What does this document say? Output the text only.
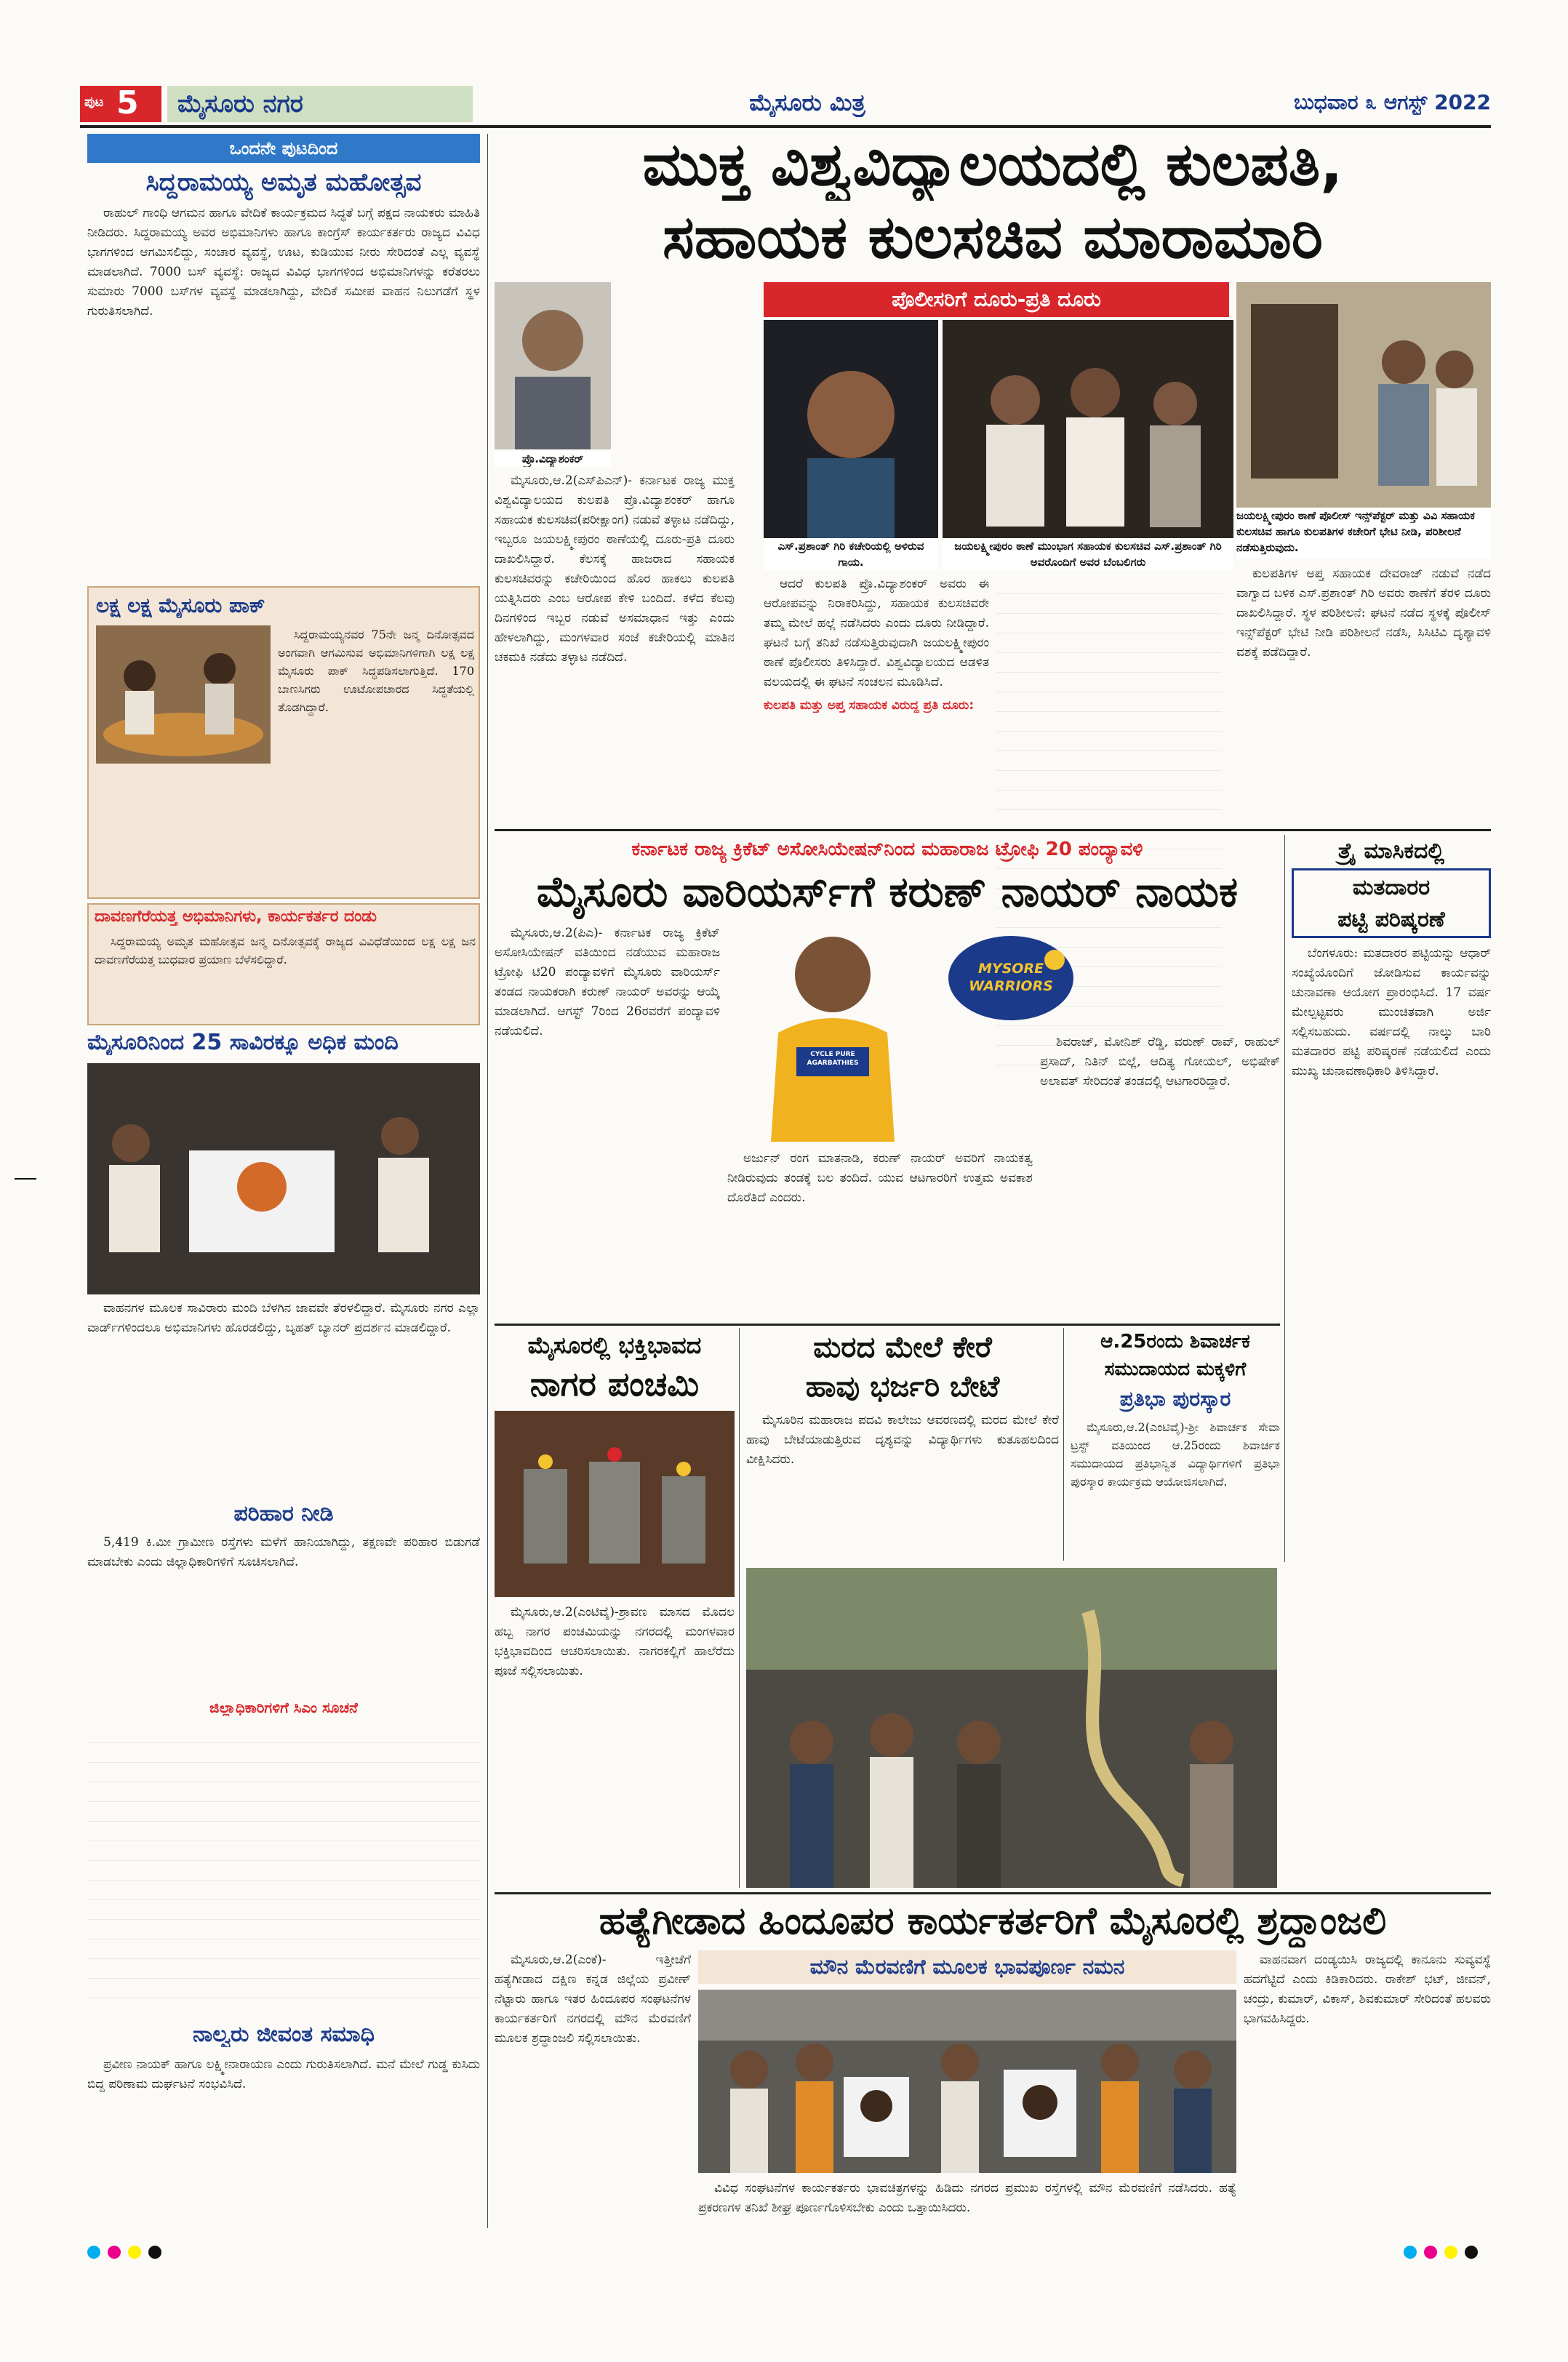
ಪುಟ 5	ಮೈಸೂರು ನಗರ	ಮೈಸೂರು ಮಿತ್ರ	ಬುಧವಾರ ೩ ಆಗಸ್ಟ್ 2022
ಒಂದನೇ ಪುಟದಿಂದ
ಸಿದ್ದರಾಮಯ್ಯ ಅಮೃತ ಮಹೋತ್ಸವ

ರಾಹುಲ್ ಗಾಂಧಿ ಆಗಮನ ಹಾಗೂ ವೇದಿಕೆ ಕಾರ್ಯಕ್ರಮದ ಸಿದ್ಧತೆ ಬಗ್ಗೆ ಪಕ್ಷದ ನಾಯಕರು ಮಾಹಿತಿ ನೀಡಿದರು. ಸಿದ್ದರಾಮಯ್ಯ ಅವರ ಅಭಿಮಾನಿಗಳು ಹಾಗೂ ಕಾಂಗ್ರೆಸ್ ಕಾರ್ಯಕರ್ತರು ರಾಜ್ಯದ ವಿವಿಧ ಭಾಗಗಳಿಂದ ಆಗಮಿಸಲಿದ್ದು, ಸಂಚಾರ ವ್ಯವಸ್ಥೆ, ಊಟ, ಕುಡಿಯುವ ನೀರು ಸೇರಿದಂತೆ ಎಲ್ಲ ವ್ಯವಸ್ಥೆ ಮಾಡಲಾಗಿದೆ. 7000 ಬಸ್ ವ್ಯವಸ್ಥೆ: ರಾಜ್ಯದ ವಿವಿಧ ಭಾಗಗಳಿಂದ ಅಭಿಮಾನಿಗಳನ್ನು ಕರೆತರಲು ಸುಮಾರು 7000 ಬಸ್‌ಗಳ ವ್ಯವಸ್ಥೆ ಮಾಡಲಾಗಿದ್ದು, ವೇದಿಕೆ ಸಮೀಪ ವಾಹನ ನಿಲುಗಡೆಗೆ ಸ್ಥಳ ಗುರುತಿಸಲಾಗಿದೆ.

ಲಕ್ಷ ಲಕ್ಷ ಮೈಸೂರು ಪಾಕ್

ಸಿದ್ದರಾಮಯ್ಯನವರ 75ನೇ ಜನ್ಮ ದಿನೋತ್ಸವದ ಅಂಗವಾಗಿ ಆಗಮಿಸುವ ಅಭಿಮಾನಿಗಳಿಗಾಗಿ ಲಕ್ಷ ಲಕ್ಷ ಮೈಸೂರು ಪಾಕ್ ಸಿದ್ಧಪಡಿಸಲಾಗುತ್ತಿದೆ. 170 ಬಾಣಸಿಗರು ಊಟೋಪಚಾರದ ಸಿದ್ಧತೆಯಲ್ಲಿ ತೊಡಗಿದ್ದಾರೆ.

ದಾವಣಗೆರೆಯತ್ತ ಅಭಿಮಾನಿಗಳು, ಕಾರ್ಯಕರ್ತರ ದಂಡು

ಸಿದ್ದರಾಮಯ್ಯ ಅಮೃತ ಮಹೋತ್ಸವ ಜನ್ಮ ದಿನೋತ್ಸವಕ್ಕೆ ರಾಜ್ಯದ ವಿವಿಧೆಡೆಯಿಂದ ಲಕ್ಷ ಲಕ್ಷ ಜನ ದಾವಣಗೆರೆಯತ್ತ ಬುಧವಾರ ಪ್ರಯಾಣ ಬೆಳೆಸಲಿದ್ದಾರೆ.

ಮೈಸೂರಿನಿಂದ 25 ಸಾವಿರಕ್ಕೂ ಅಧಿಕ ಮಂದಿ

ವಾಹನಗಳ ಮೂಲಕ ಸಾವಿರಾರು ಮಂದಿ ಬೆಳಗಿನ ಜಾವವೇ ತೆರಳಲಿದ್ದಾರೆ. ಮೈಸೂರು ನಗರ ಎಲ್ಲಾ ವಾರ್ಡ್‌ಗಳಿಂದಲೂ ಅಭಿಮಾನಿಗಳು ಹೊರಡಲಿದ್ದು, ಬೃಹತ್ ಬ್ಯಾನರ್ ಪ್ರದರ್ಶನ ಮಾಡಲಿದ್ದಾರೆ.

ಪರಿಹಾರ ನೀಡಿ

5,419 ಕಿ.ಮೀ ಗ್ರಾಮೀಣ ರಸ್ತೆಗಳು ಮಳೆಗೆ ಹಾನಿಯಾಗಿದ್ದು, ತಕ್ಷಣವೇ ಪರಿಹಾರ ಬಿಡುಗಡೆ ಮಾಡಬೇಕು ಎಂದು ಜಿಲ್ಲಾಧಿಕಾರಿಗಳಿಗೆ ಸೂಚಿಸಲಾಗಿದೆ.

ಜಿಲ್ಲಾಧಿಕಾರಿಗಳಿಗೆ ಸಿಎಂ ಸೂಚನೆ
ನಾಲ್ವರು ಜೀವಂತ ಸಮಾಧಿ

ಪ್ರವೀಣ ನಾಯಕ್ ಹಾಗೂ ಲಕ್ಷ್ಮೀನಾರಾಯಣ ಎಂದು ಗುರುತಿಸಲಾಗಿದೆ. ಮನೆ ಮೇಲೆ ಗುಡ್ಡ ಕುಸಿದು ಬಿದ್ದ ಪರಿಣಾಮ ದುರ್ಘಟನೆ ಸಂಭವಿಸಿದೆ.

ಮುಕ್ತ ವಿಶ್ವವಿದ್ಯಾಲಯದಲ್ಲಿ ಕುಲಪತಿ,
ಸಹಾಯಕ ಕುಲಸಚಿವ ಮಾರಾಮಾರಿ
ಪೊಲೀಸರಿಗೆ ದೂರು-ಪ್ರತಿ ದೂರು
ಪ್ರೊ.ವಿದ್ಯಾಶಂಕರ್

ಮೈಸೂರು,ಆ.2(ಎಸ್‌ಪಿಎನ್)- ಕರ್ನಾಟಕ ರಾಜ್ಯ ಮುಕ್ತ ವಿಶ್ವವಿದ್ಯಾಲಯದ ಕುಲಪತಿ ಪ್ರೊ.ವಿದ್ಯಾಶಂಕರ್ ಹಾಗೂ ಸಹಾಯಕ ಕುಲಸಚಿವ(ಪರೀಕ್ಷಾಂಗ) ನಡುವೆ ತಳ್ಳಾಟ ನಡೆದಿದ್ದು, ಇಬ್ಬರೂ ಜಯಲಕ್ಷ್ಮೀಪುರಂ ಠಾಣೆಯಲ್ಲಿ ದೂರು-ಪ್ರತಿ ದೂರು ದಾಖಲಿಸಿದ್ದಾರೆ. ಕೆಲಸಕ್ಕೆ ಹಾಜರಾದ ಸಹಾಯಕ ಕುಲಸಚಿವರನ್ನು ಕಚೇರಿಯಿಂದ ಹೊರ ಹಾಕಲು ಕುಲಪತಿ ಯತ್ನಿಸಿದರು ಎಂಬ ಆರೋಪ ಕೇಳಿ ಬಂದಿದೆ. ಕಳೆದ ಕೆಲವು ದಿನಗಳಿಂದ ಇಬ್ಬರ ನಡುವೆ ಅಸಮಾಧಾನ ಇತ್ತು ಎಂದು ಹೇಳಲಾಗಿದ್ದು, ಮಂಗಳವಾರ ಸಂಜೆ ಕಚೇರಿಯಲ್ಲಿ ಮಾತಿನ ಚಕಮಕಿ ನಡೆದು ತಳ್ಳಾಟ ನಡೆದಿದೆ.

ಎಸ್.ಪ್ರಶಾಂತ್ ಗಿರಿ ಕಚೇರಿಯಲ್ಲಿ ಅಳಿರುವ ಗಾಯ.
ಜಯಲಕ್ಷ್ಮೀಪುರಂ ಠಾಣೆ ಮುಂಭಾಗ ಸಹಾಯಕ ಕುಲಸಚಿವ ಎಸ್.ಪ್ರಶಾಂತ್ ಗಿರಿ ಅವರೊಂದಿಗೆ ಅವರ ಬೆಂಬಲಿಗರು
ಜಯಲಕ್ಷ್ಮೀಪುರಂ ಠಾಣೆ ಪೊಲೀಸ್ ಇನ್ಸ್‌ಪೆಕ್ಟರ್ ಮತ್ತು ವಿವಿ ಸಹಾಯಕ ಕುಲಸಚಿವ ಹಾಗೂ ಕುಲಪತಿಗಳ ಕಚೇರಿಗೆ ಭೇಟಿ ನೀಡಿ, ಪರಿಶೀಲನೆ ನಡೆಸುತ್ತಿರುವುದು.

ಆದರೆ ಕುಲಪತಿ ಪ್ರೊ.ವಿದ್ಯಾಶಂಕರ್ ಅವರು ಈ ಆರೋಪವನ್ನು ನಿರಾಕರಿಸಿದ್ದು, ಸಹಾಯಕ ಕುಲಸಚಿವರೇ ತಮ್ಮ ಮೇಲೆ ಹಲ್ಲೆ ನಡೆಸಿದರು ಎಂದು ದೂರು ನೀಡಿದ್ದಾರೆ. ಘಟನೆ ಬಗ್ಗೆ ತನಿಖೆ ನಡೆಸುತ್ತಿರುವುದಾಗಿ ಜಯಲಕ್ಷ್ಮೀಪುರಂ ಠಾಣೆ ಪೊಲೀಸರು ತಿಳಿಸಿದ್ದಾರೆ. ವಿಶ್ವವಿದ್ಯಾಲಯದ ಆಡಳಿತ ವಲಯದಲ್ಲಿ ಈ ಘಟನೆ ಸಂಚಲನ ಮೂಡಿಸಿದೆ.

ಕುಲಪತಿ ಮತ್ತು ಅಪ್ತ ಸಹಾಯಕ ವಿರುದ್ಧ ಪ್ರತಿ ದೂರು:

ಕುಲಪತಿಗಳ ಅಪ್ತ ಸಹಾಯಕ ದೇವರಾಜ್ ನಡುವೆ ನಡೆದ ವಾಗ್ವಾದ ಬಳಿಕ ಎಸ್.ಪ್ರಶಾಂತ್ ಗಿರಿ ಅವರು ಠಾಣೆಗೆ ತೆರಳಿ ದೂರು ದಾಖಲಿಸಿದ್ದಾರೆ. ಸ್ಥಳ ಪರಿಶೀಲನೆ: ಘಟನೆ ನಡೆದ ಸ್ಥಳಕ್ಕೆ ಪೊಲೀಸ್ ಇನ್ಸ್‌ಪೆಕ್ಟರ್ ಭೇಟಿ ನೀಡಿ ಪರಿಶೀಲನೆ ನಡೆಸಿ, ಸಿಸಿಟಿವಿ ದೃಶ್ಯಾವಳಿ ವಶಕ್ಕೆ ಪಡೆದಿದ್ದಾರೆ.

ಕರ್ನಾಟಕ ರಾಜ್ಯ ಕ್ರಿಕೆಟ್ ಅಸೋಸಿಯೇಷನ್‌ನಿಂದ ಮಹಾರಾಜ ಟ್ರೋಫಿ 20 ಪಂದ್ಯಾವಳಿ
ಮೈಸೂರು ವಾರಿಯರ್ಸ್‌ಗೆ ಕರುಣ್ ನಾಯರ್ ನಾಯಕ
CYCLE PURE AGARBATHIES
MYSORE WARRIORS

ಮೈಸೂರು,ಆ.2(ಪಿಎ)- ಕರ್ನಾಟಕ ರಾಜ್ಯ ಕ್ರಿಕೆಟ್ ಅಸೋಸಿಯೇಷನ್ ವತಿಯಿಂದ ನಡೆಯುವ ಮಹಾರಾಜ ಟ್ರೋಫಿ ಟಿ20 ಪಂದ್ಯಾವಳಿಗೆ ಮೈಸೂರು ವಾರಿಯರ್ಸ್ ತಂಡದ ನಾಯಕರಾಗಿ ಕರುಣ್ ನಾಯರ್ ಅವರನ್ನು ಆಯ್ಕೆ ಮಾಡಲಾಗಿದೆ. ಆಗಸ್ಟ್ 7ರಿಂದ 26ರವರೆಗೆ ಪಂದ್ಯಾವಳಿ ನಡೆಯಲಿದೆ.

ಅರ್ಜುನ್ ರಂಗ ಮಾತನಾಡಿ, ಕರುಣ್ ನಾಯರ್ ಅವರಿಗೆ ನಾಯಕತ್ವ ನೀಡಿರುವುದು ತಂಡಕ್ಕೆ ಬಲ ತಂದಿದೆ. ಯುವ ಆಟಗಾರರಿಗೆ ಉತ್ತಮ ಅವಕಾಶ ದೊರೆತಿದೆ ಎಂದರು.

ಶಿವರಾಜ್, ಮೋನಿಶ್ ರೆಡ್ಡಿ, ವರುಣ್ ರಾವ್, ರಾಹುಲ್ ಪ್ರಸಾದ್, ನಿತಿನ್ ಬಿಲ್ಲೆ, ಆದಿತ್ಯ ಗೋಯಲ್, ಅಭಿಷೇಕ್ ಅಲಾವತ್ ಸೇರಿದಂತೆ ತಂಡದಲ್ಲಿ ಆಟಗಾರರಿದ್ದಾರೆ.

ತ್ರೈ ಮಾಸಿಕದಲ್ಲಿ
ಮತದಾರರ
ಪಟ್ಟಿ ಪರಿಷ್ಕರಣೆ

ಬೆಂಗಳೂರು: ಮತದಾರರ ಪಟ್ಟಿಯನ್ನು ಆಧಾರ್ ಸಂಖ್ಯೆಯೊಂದಿಗೆ ಜೋಡಿಸುವ ಕಾರ್ಯವನ್ನು ಚುನಾವಣಾ ಆಯೋಗ ಪ್ರಾರಂಭಿಸಿದೆ. 17 ವರ್ಷ ಮೇಲ್ಪಟ್ಟವರು ಮುಂಚಿತವಾಗಿ ಅರ್ಜಿ ಸಲ್ಲಿಸಬಹುದು. ವರ್ಷದಲ್ಲಿ ನಾಲ್ಕು ಬಾರಿ ಮತದಾರರ ಪಟ್ಟಿ ಪರಿಷ್ಕರಣೆ ನಡೆಯಲಿದೆ ಎಂದು ಮುಖ್ಯ ಚುನಾವಣಾಧಿಕಾರಿ ತಿಳಿಸಿದ್ದಾರೆ.

ಮೈಸೂರಲ್ಲಿ ಭಕ್ತಿಭಾವದ
ನಾಗರ ಪಂಚಮಿ

ಮೈಸೂರು,ಆ.2(ಎಂಟಿವೈ)-ಶ್ರಾವಣ ಮಾಸದ ಮೊದಲ ಹಬ್ಬ ನಾಗರ ಪಂಚಮಿಯನ್ನು ನಗರದಲ್ಲಿ ಮಂಗಳವಾರ ಭಕ್ತಿಭಾವದಿಂದ ಆಚರಿಸಲಾಯಿತು. ನಾಗರಕಲ್ಲಿಗೆ ಹಾಲೆರೆದು ಪೂಜೆ ಸಲ್ಲಿಸಲಾಯಿತು.

ಮರದ ಮೇಲೆ ಕೇರೆ
ಹಾವು ಭರ್ಜರಿ ಬೇಟೆ

ಮೈಸೂರಿನ ಮಹಾರಾಜ ಪದವಿ ಕಾಲೇಜು ಆವರಣದಲ್ಲಿ ಮರದ ಮೇಲೆ ಕೇರೆ ಹಾವು ಬೇಟೆಯಾಡುತ್ತಿರುವ ದೃಶ್ಯವನ್ನು ವಿದ್ಯಾರ್ಥಿಗಳು ಕುತೂಹಲದಿಂದ ವೀಕ್ಷಿಸಿದರು.

ಆ.25ರಂದು ಶಿವಾರ್ಚಕ
ಸಮುದಾಯದ ಮಕ್ಕಳಿಗೆ
ಪ್ರತಿಭಾ ಪುರಸ್ಕಾರ

ಮೈಸೂರು,ಆ.2(ಎಂಟಿವೈ)-ಶ್ರೀ ಶಿವಾರ್ಚಕ ಸೇವಾ ಟ್ರಸ್ಟ್ ವತಿಯಿಂದ ಆ.25ರಂದು ಶಿವಾರ್ಚಕ ಸಮುದಾಯದ ಪ್ರತಿಭಾನ್ವಿತ ವಿದ್ಯಾರ್ಥಿಗಳಿಗೆ ಪ್ರತಿಭಾ ಪುರಸ್ಕಾರ ಕಾರ್ಯಕ್ರಮ ಆಯೋಜಿಸಲಾಗಿದೆ.

ಹತ್ಯೆಗೀಡಾದ ಹಿಂದೂಪರ ಕಾರ್ಯಕರ್ತರಿಗೆ ಮೈಸೂರಲ್ಲಿ ಶ್ರದ್ಧಾಂಜಲಿ
ಮೌನ ಮೆರವಣಿಗೆ ಮೂಲಕ ಭಾವಪೂರ್ಣ ನಮನ

ಮೈಸೂರು,ಆ.2(ಎಂಕೆ)- ಇತ್ತೀಚೆಗೆ ಹತ್ಯೆಗೀಡಾದ ದಕ್ಷಿಣ ಕನ್ನಡ ಜಿಲ್ಲೆಯ ಪ್ರವೀಣ್ ನೆಟ್ಟಾರು ಹಾಗೂ ಇತರ ಹಿಂದೂಪರ ಸಂಘಟನೆಗಳ ಕಾರ್ಯಕರ್ತರಿಗೆ ನಗರದಲ್ಲಿ ಮೌನ ಮೆರವಣಿಗೆ ಮೂಲಕ ಶ್ರದ್ಧಾಂಜಲಿ ಸಲ್ಲಿಸಲಾಯಿತು.

ವಿವಿಧ ಸಂಘಟನೆಗಳ ಕಾರ್ಯಕರ್ತರು ಭಾವಚಿತ್ರಗಳನ್ನು ಹಿಡಿದು ನಗರದ ಪ್ರಮುಖ ರಸ್ತೆಗಳಲ್ಲಿ ಮೌನ ಮೆರವಣಿಗೆ ನಡೆಸಿದರು. ಹತ್ಯೆ ಪ್ರಕರಣಗಳ ತನಿಖೆ ಶೀಘ್ರ ಪೂರ್ಣಗೊಳಿಸಬೇಕು ಎಂದು ಒತ್ತಾಯಿಸಿದರು.

ವಾಹನವಾಗ ದಂಡ್ಯಯಿಸಿ ರಾಜ್ಯದಲ್ಲಿ ಕಾನೂನು ಸುವ್ಯವಸ್ಥೆ ಹದಗೆಟ್ಟಿದೆ ಎಂದು ಕಿಡಿಕಾರಿದರು. ರಾಕೇಶ್ ಭಟ್, ಜೀವನ್, ಚಂದ್ರು, ಕುಮಾರ್, ವಿಕಾಸ್, ಶಿವಕುಮಾರ್ ಸೇರಿದಂತೆ ಹಲವರು ಭಾಗವಹಿಸಿದ್ದರು.
